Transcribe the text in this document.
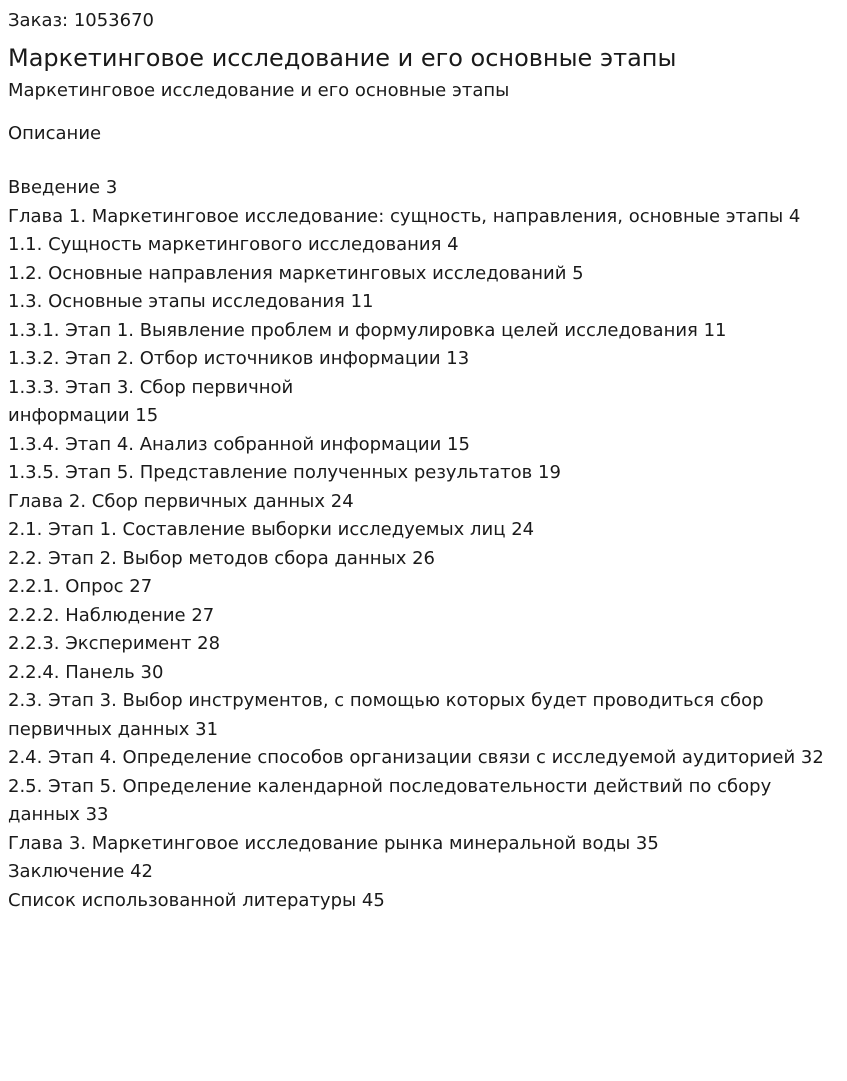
Заказ: 1053670

Маркетинговое исследование и его основные этапы

Маркетинговое исследование и его основные этапы

Описание

Введение 3

Глава 1. Маркетинговое исследование: сущность, направления, основные этапы 4

1.1. Сущность маркетингового исследования 4

1.2. Основные направления маркетинговых исследований 5

1.3. Основные этапы исследования 11

1.3.1. Этап 1. Выявление проблем и формулировка целей исследования 11

1.3.2. Этап 2. Отбор источников информации 13

1.3.3. Этап 3. Сбор первичной

информации 15

1.3.4. Этап 4. Анализ собранной информации 15

1.3.5. Этап 5. Представление полученных результатов 19

Глава 2. Сбор первичных данных 24

2.1. Этап 1. Составление выборки исследуемых лиц 24

2.2. Этап 2. Выбор методов сбора данных 26

2.2.1. Опрос 27

2.2.2. Наблюдение 27

2.2.3. Эксперимент 28

2.2.4. Панель 30

2.3. Этап 3. Выбор инструментов, с помощью которых будет проводиться сбор первичных данных 31

2.4. Этап 4. Определение способов организации связи с исследуемой аудиторией 32

2.5. Этап 5. Определение календарной последовательности действий по сбору данных 33

Глава 3. Маркетинговое исследование рынка минеральной воды 35

Заключение 42

Список использованной литературы 45
